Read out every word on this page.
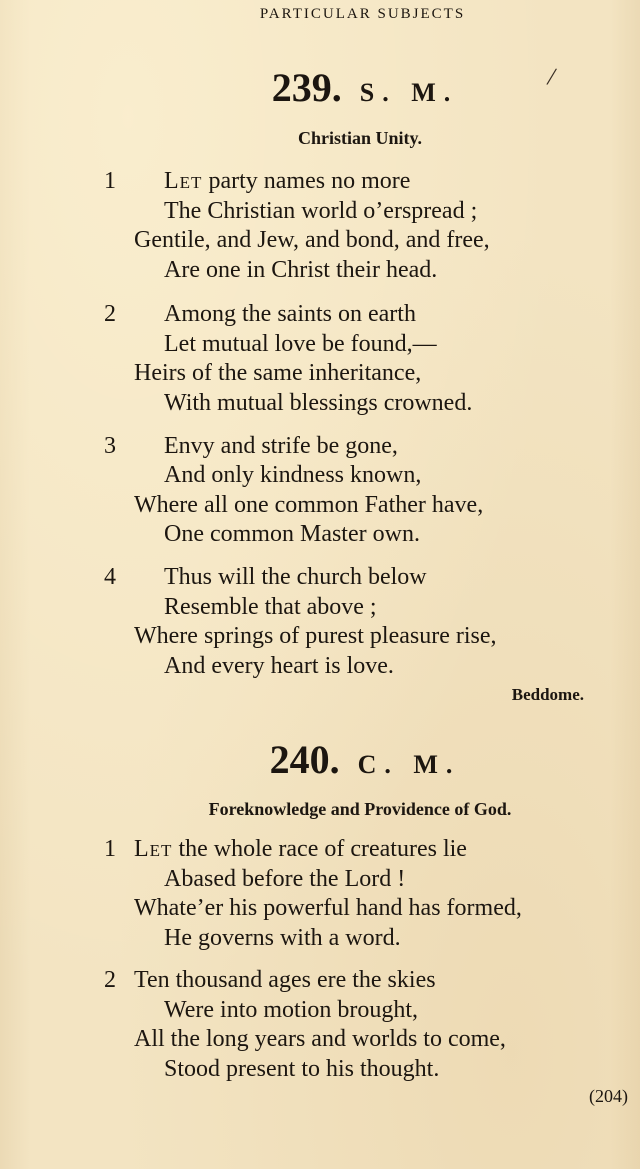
PARTICULAR SUBJECTS
/
239. S. M.
Christian Unity.
1 Let party names no more
The Christian world o’erspread ;
Gentile, and Jew, and bond, and free,
Are one in Christ their head.
2 Among the saints on earth
Let mutual love be found,—
Heirs of the same inheritance,
With mutual blessings crowned.
3 Envy and strife be gone,
And only kindness known,
Where all one common Father have,
One common Master own.
4 Thus will the church below
Resemble that above ;
Where springs of purest pleasure rise,
And every heart is love.
Beddome.
240. C. M.
Foreknowledge and Providence of God.
1 Let the whole race of creatures lie
Abased before the Lord !
Whate’er his powerful hand has formed,
He governs with a word.
2 Ten thousand ages ere the skies
Were into motion brought,
All the long years and worlds to come,
Stood present to his thought.
(204)
